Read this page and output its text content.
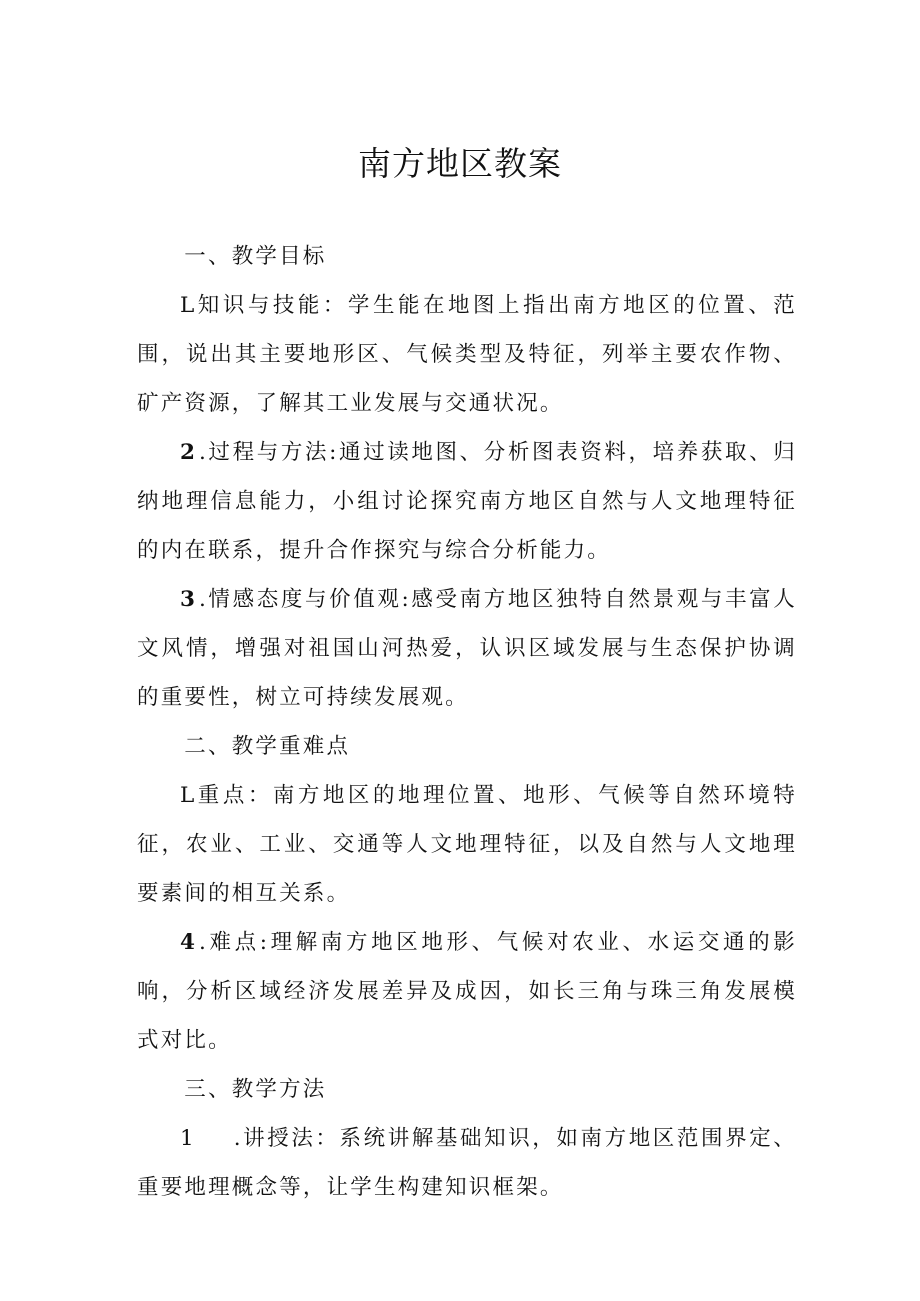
南方地区教案

一、教学目标

L知识与技能：学生能在地图上指出南方地区的位置、范围，说出其主要地形区、气候类型及特征，列举主要农作物、矿产资源，了解其工业发展与交通状况。

2.过程与方法:通过读地图、分析图表资料，培养获取、归纳地理信息能力，小组讨论探究南方地区自然与人文地理特征的内在联系，提升合作探究与综合分析能力。

3.情感态度与价值观:感受南方地区独特自然景观与丰富人文风情，增强对祖国山河热爱，认识区域发展与生态保护协调的重要性，树立可持续发展观。

二、教学重难点

L重点：南方地区的地理位置、地形、气候等自然环境特征，农业、工业、交通等人文地理特征，以及自然与人文地理要素间的相互关系。

4.难点:理解南方地区地形、气候对农业、水运交通的影响，分析区域经济发展差异及成因，如长三角与珠三角发展模式对比。

三、教学方法

1.讲授法：系统讲解基础知识，如南方地区范围界定、重要地理概念等，让学生构建知识框架。
